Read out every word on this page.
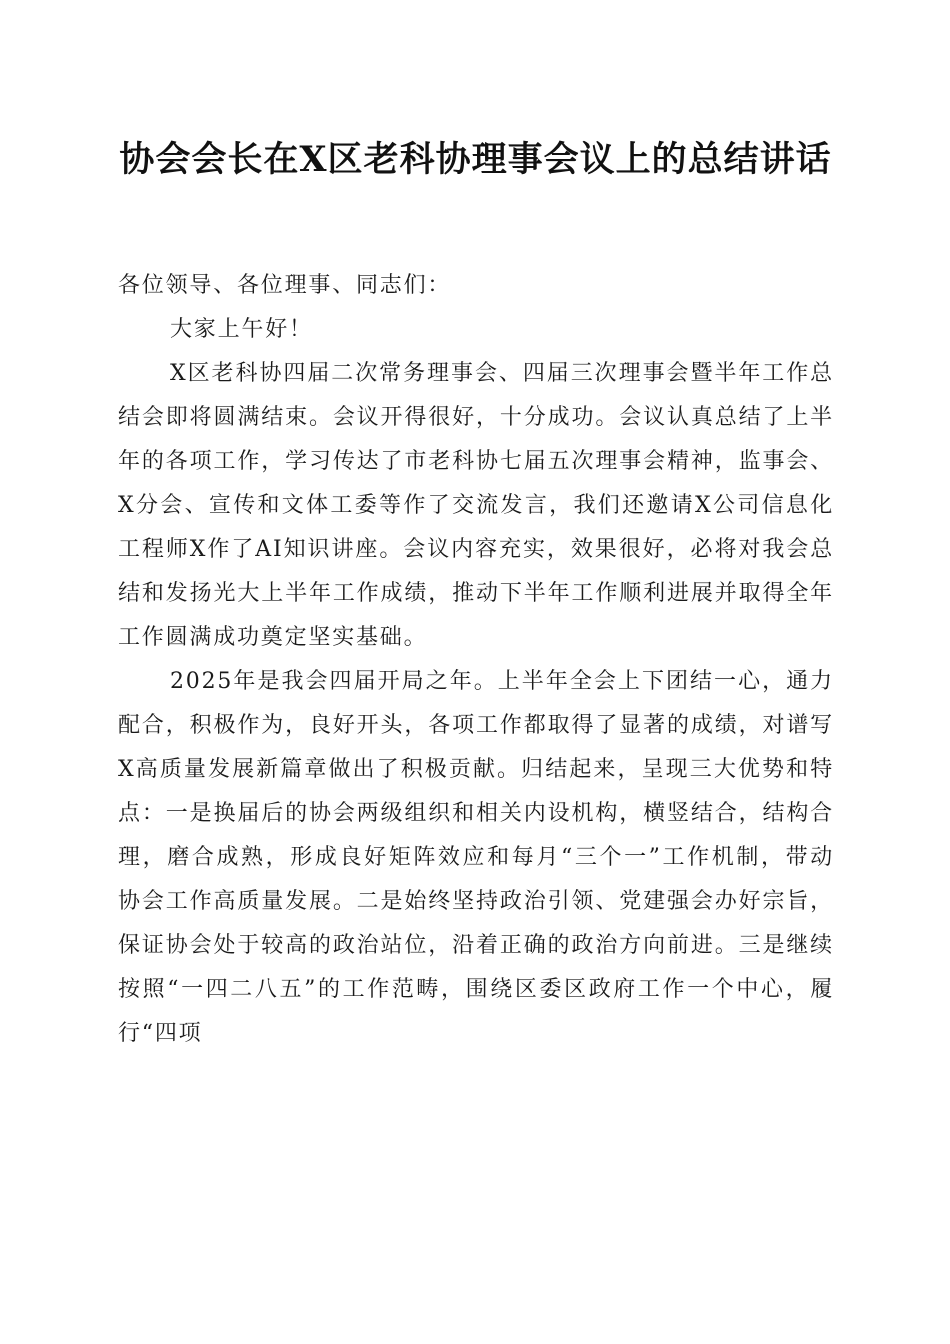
协会会长在X区老科协理事会议上的总结讲话

各位领导、各位理事、同志们：

大家上午好！

X区老科协四届二次常务理事会、四届三次理事会暨半年工作总结会即将圆满结束。会议开得很好，十分成功。会议认真总结了上半年的各项工作，学习传达了市老科协七届五次理事会精神，监事会、X分会、宣传和文体工委等作了交流发言，我们还邀请X公司信息化工程师X作了AI知识讲座。会议内容充实，效果很好，必将对我会总结和发扬光大上半年工作成绩，推动下半年工作顺利进展并取得全年工作圆满成功奠定坚实基础。

2025年是我会四届开局之年。上半年全会上下团结一心，通力配合，积极作为，良好开头，各项工作都取得了显著的成绩，对谱写X高质量发展新篇章做出了积极贡献。归结起来，呈现三大优势和特点：一是换届后的协会两级组织和相关内设机构，横竖结合，结构合理，磨合成熟，形成良好矩阵效应和每月“三个一”工作机制，带动协会工作高质量发展。二是始终坚持政治引领、党建强会办好宗旨，保证协会处于较高的政治站位，沿着正确的政治方向前进。三是继续按照“一四二八五”的工作范畴，围绕区委区政府工作一个中心，履行“四项
